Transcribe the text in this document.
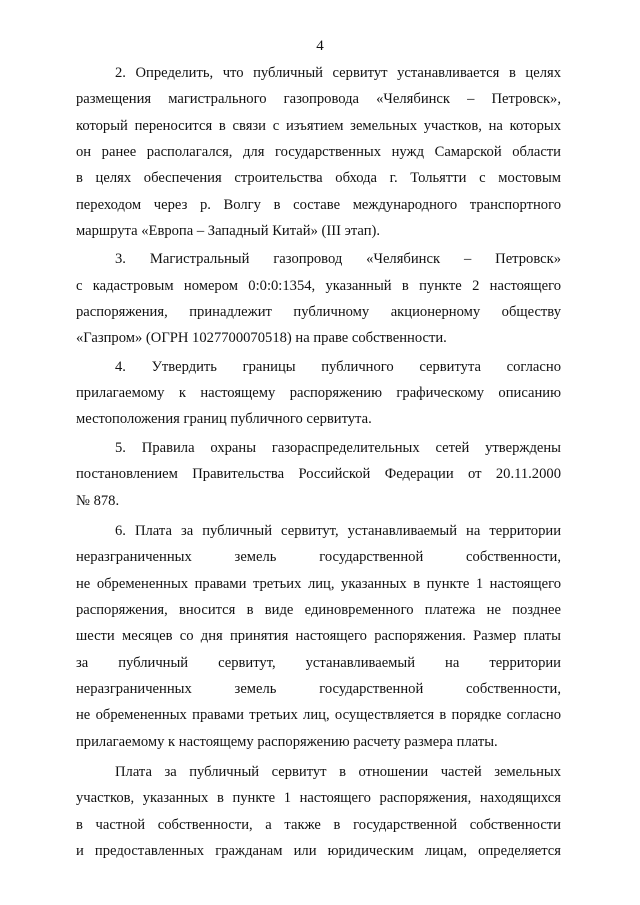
4
2. Определить, что публичный сервитут устанавливается в целях
размещения магистрального газопровода «Челябинск – Петровск»,
который переносится в связи с изъятием земельных участков, на которых
он ранее располагался, для государственных нужд Самарской области
в целях обеспечения строительства обхода г. Тольятти с мостовым
переходом через р. Волгу в составе международного транспортного
маршрута «Европа – Западный Китай» (III этап).
3. Магистральный газопровод «Челябинск – Петровск»
с кадастровым номером 0:0:0:1354, указанный в пункте 2 настоящего
распоряжения, принадлежит публичному акционерному обществу
«Газпром» (ОГРН 1027700070518) на праве собственности.
4. Утвердить границы публичного сервитута согласно
прилагаемому к настоящему распоряжению графическому описанию
местоположения границ публичного сервитута.
5. Правила охраны газораспределительных сетей утверждены
постановлением Правительства Российской Федерации от 20.11.2000
№ 878.
6. Плата за публичный сервитут, устанавливаемый на территории
неразграниченных земель государственной собственности,
не обремененных правами третьих лиц, указанных в пункте 1 настоящего
распоряжения, вносится в виде единовременного платежа не позднее
шести месяцев со дня принятия настоящего распоряжения. Размер платы
за публичный сервитут, устанавливаемый на территории
неразграниченных земель государственной собственности,
не обремененных правами третьих лиц, осуществляется в порядке согласно
прилагаемому к настоящему распоряжению расчету размера платы.
Плата за публичный сервитут в отношении частей земельных
участков, указанных в пункте 1 настоящего распоряжения, находящихся
в частной собственности, а также в государственной собственности
и предоставленных гражданам или юридическим лицам, определяется
